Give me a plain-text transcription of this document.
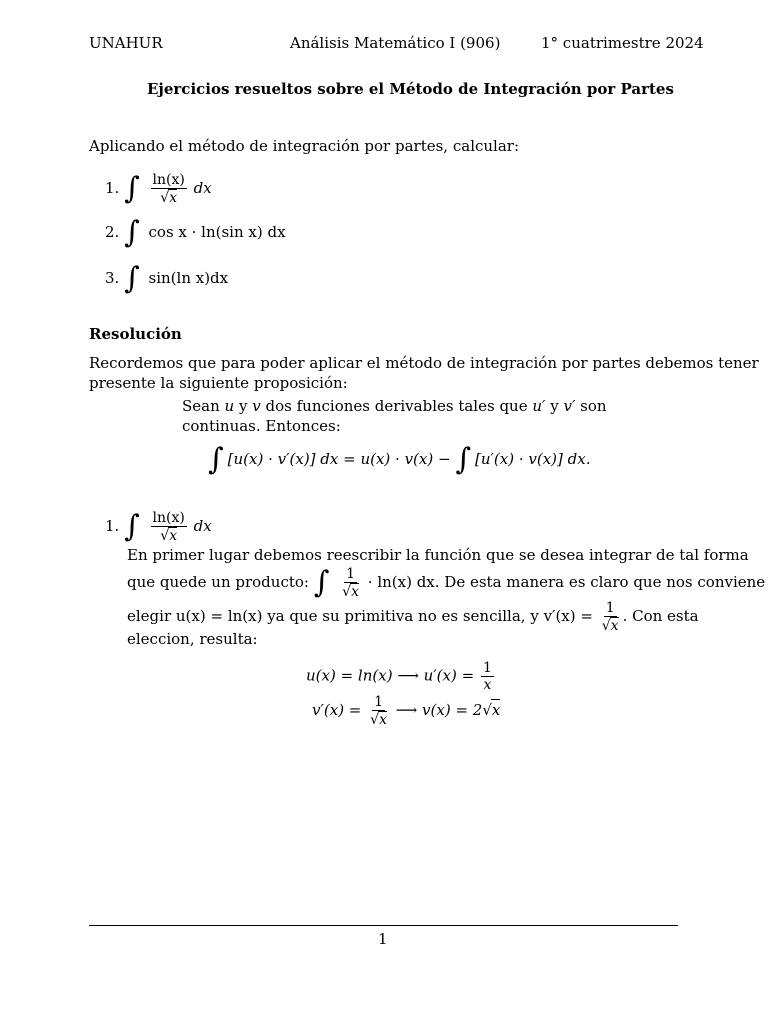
UNAHUR	Análisis Matemático I (906)	1° cuatrimestre 2024
Ejercicios resueltos sobre el Método de Integración por Partes
Aplicando el método de integración por partes, calcular:
1. ∫ $\frac{\ln(x)}{√x}$ dx
2. ∫ cos x · ln(sin x) dx
3. ∫ sin(ln x)dx
Resolución
Recordemos que para poder aplicar el método de integración por partes debemos tener
presente la siguiente proposición:
Sean u y v dos funciones derivables tales que u′ y v′ son
continuas. Entonces:
∫ [u(x) · v′(x)] dx = u(x) · v(x) − ∫ [u′(x) · v(x)] dx.
1. ∫ $\frac{\ln(x)}{√x}$ dx
En primer lugar debemos reescribir la función que se desea integrar de tal forma
que quede un producto: ∫ $\frac{1}{√x} \cdot \ln(x)$ dx. De esta manera es claro que nos conviene
elegir u(x) = ln(x) ya que su primitiva no es sencilla, y $v'(x) = \frac{1}{√x}$ . Con esta
eleccion, resulta:
u(x) = ln(x) ⟶ $u'(x) = \frac{1}{x}$
$v'(x) = \frac{1}{√x}$ ⟶ v(x) = 2√x
1
